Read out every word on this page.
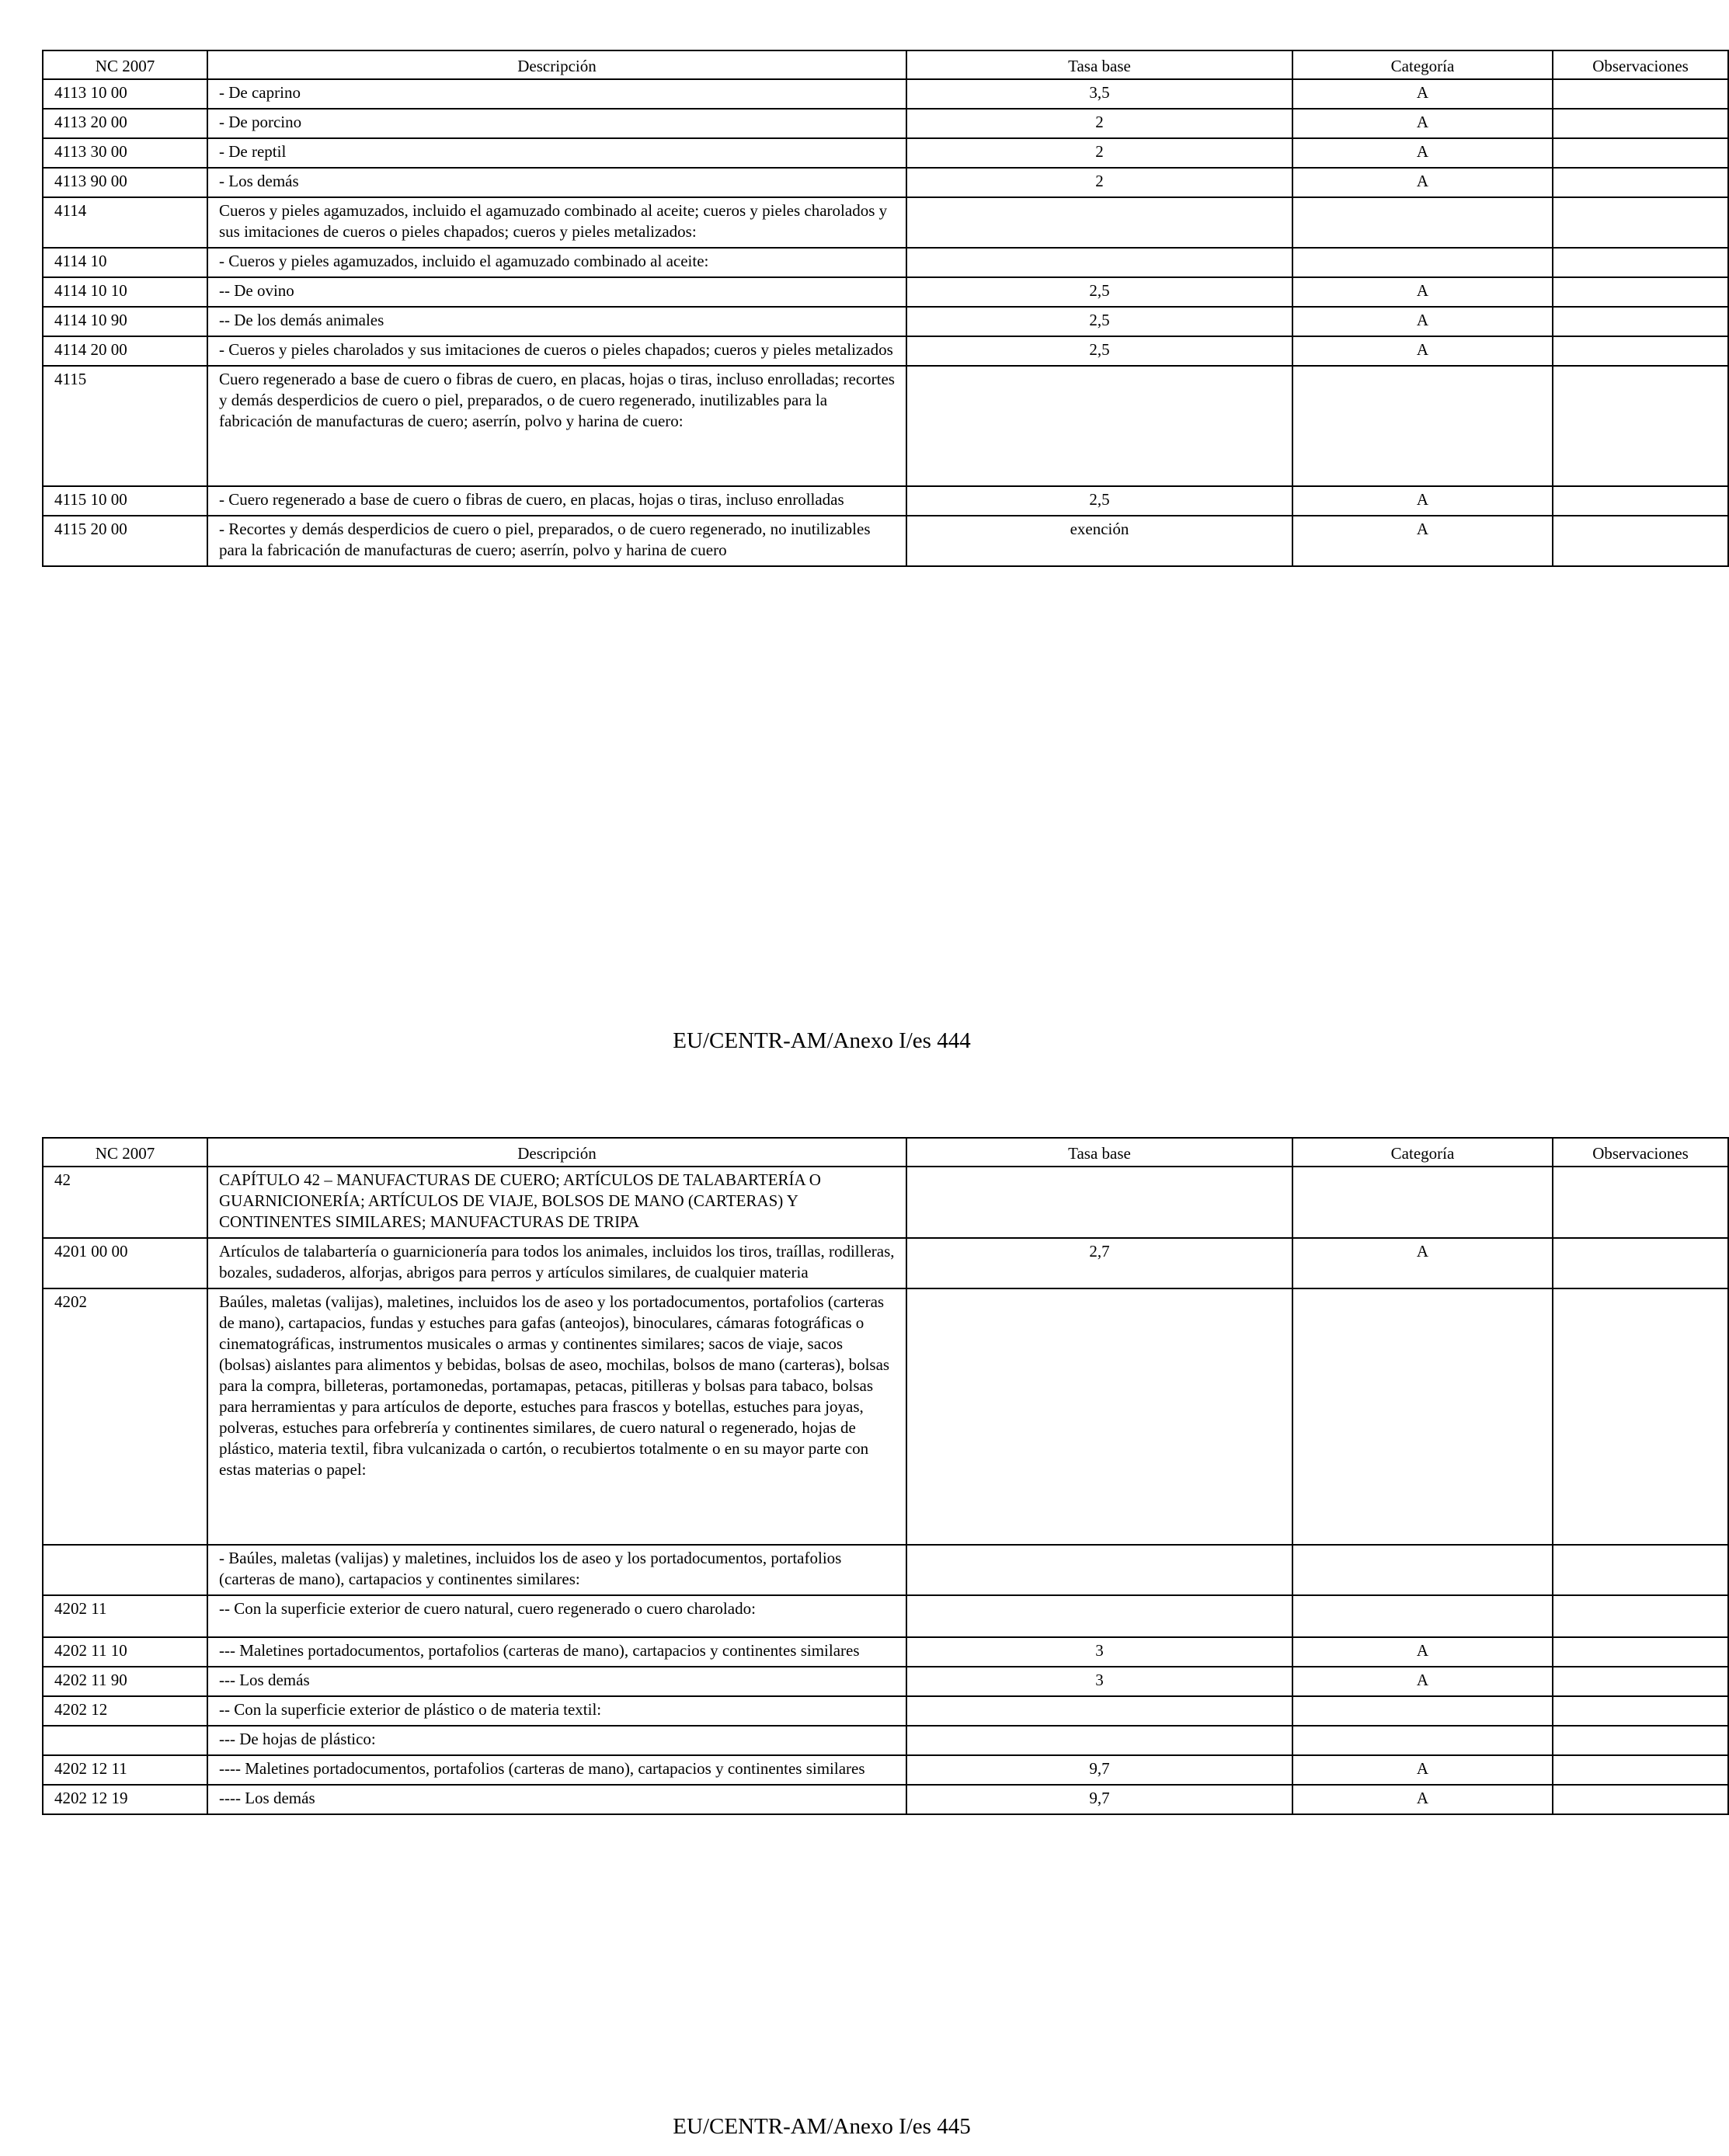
NC 2007	Descripción	Tasa base	Categoría	Observaciones
4113 10 00	- De caprino	3,5	A	
4113 20 00	- De porcino	2	A	
4113 30 00	- De reptil	2	A	
4113 90 00	- Los demás	2	A	
4114	Cueros y pieles agamuzados, incluido el agamuzado combinado al aceite; cueros y pieles charolados y sus imitaciones de cueros o pieles chapados; cueros y pieles metalizados:			
4114 10	- Cueros y pieles agamuzados, incluido el agamuzado combinado al aceite:			
4114 10 10	-- De ovino	2,5	A	
4114 10 90	-- De los demás animales	2,5	A	
4114 20 00	- Cueros y pieles charolados y sus imitaciones de cueros o pieles chapados; cueros y pieles metalizados	2,5	A	
4115	Cuero regenerado a base de cuero o fibras de cuero, en placas, hojas o tiras, incluso enrolladas; recortes y demás desperdicios de cuero o piel, preparados, o de cuero regenerado, inutilizables para la fabricación de manufacturas de cuero; aserrín, polvo y harina de cuero:			
4115 10 00	- Cuero regenerado a base de cuero o fibras de cuero, en placas, hojas o tiras, incluso enrolladas	2,5	A	
4115 20 00	- Recortes y demás desperdicios de cuero o piel, preparados, o de cuero regenerado, no inutilizables para la fabricación de manufacturas de cuero; aserrín, polvo y harina de cuero	exención	A	
EU/CENTR-AM/Anexo I/es 444
NC 2007	Descripción	Tasa base	Categoría	Observaciones
42	CAPÍTULO 42 – MANUFACTURAS DE CUERO; ARTÍCULOS DE TALABARTERÍA O GUARNICIONERÍA; ARTÍCULOS DE VIAJE, BOLSOS DE MANO (CARTERAS) Y CONTINENTES SIMILARES; MANUFACTURAS DE TRIPA			
4201 00 00	Artículos de talabartería o guarnicionería para todos los animales, incluidos los tiros, traíllas, rodilleras, bozales, sudaderos, alforjas, abrigos para perros y artículos similares, de cualquier materia	2,7	A	
4202	Baúles, maletas (valijas), maletines, incluidos los de aseo y los portadocumentos, portafolios (carteras de mano), cartapacios, fundas y estuches para gafas (anteojos), binoculares, cámaras fotográficas o cinematográficas, instrumentos musicales o armas y continentes similares; sacos de viaje, sacos (bolsas) aislantes para alimentos y bebidas, bolsas de aseo, mochilas, bolsos de mano (carteras), bolsas para la compra, billeteras, portamonedas, portamapas, petacas, pitilleras y bolsas para tabaco, bolsas para herramientas y para artículos de deporte, estuches para frascos y botellas, estuches para joyas, polveras, estuches para orfebrería y continentes similares, de cuero natural o regenerado, hojas de plástico, materia textil, fibra vulcanizada o cartón, o recubiertos totalmente o en su mayor parte con estas materias o papel:			
	- Baúles, maletas (valijas) y maletines, incluidos los de aseo y los portadocumentos, portafolios (carteras de mano), cartapacios y continentes similares:			
4202 11	-- Con la superficie exterior de cuero natural, cuero regenerado o cuero charolado:			
4202 11 10	--- Maletines portadocumentos, portafolios (carteras de mano), cartapacios y continentes similares	3	A	
4202 11 90	--- Los demás	3	A	
4202 12	-- Con la superficie exterior de plástico o de materia textil:			
	--- De hojas de plástico:			
4202 12 11	---- Maletines portadocumentos, portafolios (carteras de mano), cartapacios y continentes similares	9,7	A	
4202 12 19	---- Los demás	9,7	A	
EU/CENTR-AM/Anexo I/es 445
